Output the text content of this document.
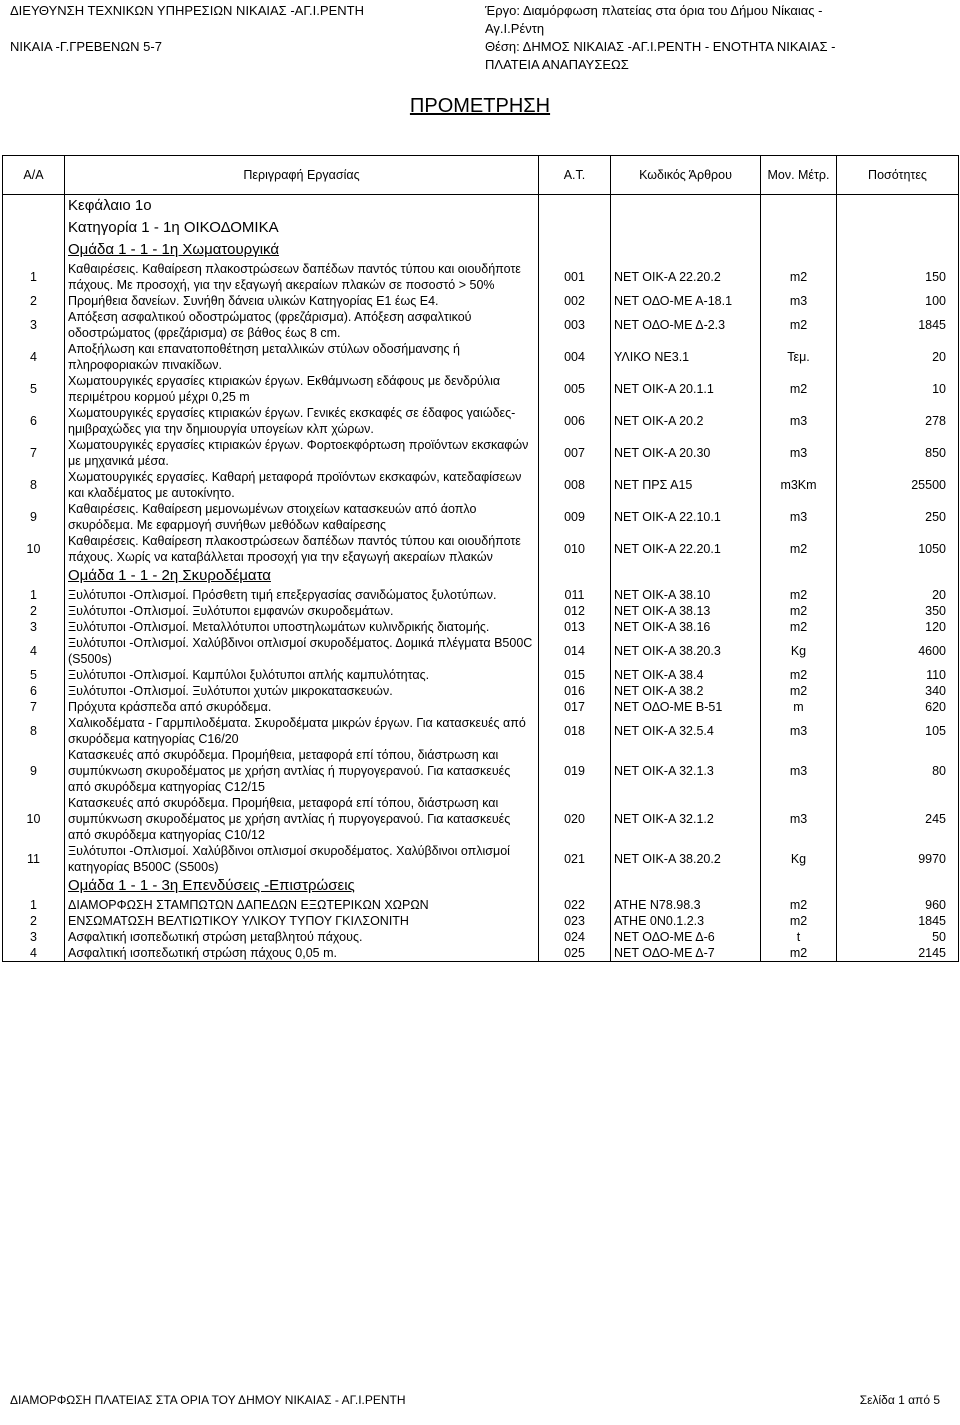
ΔΙΕΥΘΥΝΣΗ ΤΕΧΝΙΚΩΝ ΥΠΗΡΕΣΙΩΝ ΝΙΚΑΙΑΣ -ΑΓ.Ι.ΡΕΝΤΗ
ΝΙΚΑΙΑ -Γ.ΓΡΕΒΕΝΩΝ 5-7
Έργο: Διαμόρφωση πλατείας στα όρια του Δήμου Νίκαιας -
Αγ.Ι.Ρέντη
Θέση: ΔΗΜΟΣ ΝΙΚΑΙΑΣ -ΑΓ.Ι.ΡΕΝΤΗ - ΕΝΟΤΗΤΑ ΝΙΚΑΙΑΣ -
ΠΛΑΤΕΙΑ ΑΝΑΠΑΥΣΕΩΣ
ΠΡΟΜΕΤΡΗΣΗ
Α/Α	Περιγραφή Εργασίας	Α.Τ.	Κωδικός Άρθρου	Μον. Μέτρ.	Ποσότητες
	Κεφάλαιο 1ο				
	Κατηγορία 1 - 1η ΟΙΚΟΔΟΜΙΚΑ				
	Ομάδα 1 - 1 - 1η Χωματουργικά				
1	Καθαιρέσεις. Καθαίρεση πλακοστρώσεων δαπέδων παντός τύπου και οιουδήποτε πάχους. Με προσοχή, για την εξαγωγή ακεραίων πλακών σε ποσοστό > 50%	001	ΝΕΤ ΟΙΚ-Α 22.20.2	m2	150
2	Προμήθεια δανείων. Συνήθη δάνεια υλικών Κατηγορίας Ε1 έως Ε4.	002	ΝΕΤ ΟΔΟ-ΜΕ Α-18.1	m3	100
3	Απόξεση ασφαλτικού οδοστρώματος (φρεζάρισμα). Απόξεση ασφαλτικού οδοστρώματος (φρεζάρισμα) σε βάθος έως 8 cm.	003	ΝΕΤ ΟΔΟ-ΜΕ Δ-2.3	m2	1845
4	Αποξήλωση και επανατοποθέτηση μεταλλικών στύλων οδοσήμανσης ή πληροφοριακών πινακίδων.	004	ΥΛΙΚΟ ΝΕ3.1	Τεμ.	20
5	Χωματουργικές εργασίες κτιριακών έργων. Εκθάμνωση εδάφους με δενδρύλια περιμέτρου κορμού μέχρι 0,25 m	005	ΝΕΤ ΟΙΚ-Α 20.1.1	m2	10
6	Χωματουργικές εργασίες κτιριακών έργων. Γενικές εκσκαφές σε έδαφος γαιώδες-ημιβραχώδες για την δημιουργία υπογείων κλπ χώρων.	006	ΝΕΤ ΟΙΚ-Α 20.2	m3	278
7	Χωματουργικές εργασίες κτιριακών έργων. Φορτοεκφόρτωση προϊόντων εκσκαφών με μηχανικά μέσα.	007	ΝΕΤ ΟΙΚ-Α 20.30	m3	850
8	Χωματουργικές εργασίες. Καθαρή μεταφορά προϊόντων εκσκαφών, κατεδαφίσεων και κλαδέματος με αυτοκίνητο.	008	ΝΕΤ ΠΡΣ Α15	m3Km	25500
9	Καθαιρέσεις. Καθαίρεση μεμονωμένων στοιχείων κατασκευών από άοπλο σκυρόδεμα. Με εφαρμογή συνήθων μεθόδων καθαίρεσης	009	ΝΕΤ ΟΙΚ-Α 22.10.1	m3	250
10	Καθαιρέσεις. Καθαίρεση πλακοστρώσεων δαπέδων παντός τύπου και οιουδήποτε πάχους. Χωρίς να καταβάλλεται προσοχή για την εξαγωγή ακεραίων πλακών	010	ΝΕΤ ΟΙΚ-Α 22.20.1	m2	1050
	Ομάδα 1 - 1 - 2η Σκυροδέματα				
1	Ξυλότυποι -Οπλισμοί. Πρόσθετη τιμή επεξεργασίας σανιδώματος ξυλοτύπων.	011	ΝΕΤ ΟΙΚ-Α 38.10	m2	20
2	Ξυλότυποι -Οπλισμοί. Ξυλότυποι εμφανών σκυροδεμάτων.	012	ΝΕΤ ΟΙΚ-Α 38.13	m2	350
3	Ξυλότυποι -Οπλισμοί. Μεταλλότυποι υποστηλωμάτων κυλινδρικής διατομής.	013	ΝΕΤ ΟΙΚ-Α 38.16	m2	120
4	Ξυλότυποι -Οπλισμοί. Χαλύβδινοι οπλισμοί σκυροδέματος. Δομικά πλέγματα B500C (S500s)	014	ΝΕΤ ΟΙΚ-Α 38.20.3	Kg	4600
5	Ξυλότυποι -Οπλισμοί. Καμπύλοι ξυλότυποι απλής καμπυλότητας.	015	ΝΕΤ ΟΙΚ-Α 38.4	m2	110
6	Ξυλότυποι -Οπλισμοί. Ξυλότυποι χυτών μικροκατασκευών.	016	ΝΕΤ ΟΙΚ-Α 38.2	m2	340
7	Πρόχυτα κράσπεδα από σκυρόδεμα.	017	ΝΕΤ ΟΔΟ-ΜΕ Β-51	m	620
8	Χαλικοδέματα - Γαρμπιλοδέματα. Σκυροδέματα μικρών έργων. Για κατασκευές από σκυρόδεμα κατηγορίας C16/20	018	ΝΕΤ ΟΙΚ-Α 32.5.4	m3	105
9	Κατασκευές από σκυρόδεμα. Προμήθεια, μεταφορά επί τόπου, διάστρωση και συμπύκνωση σκυροδέματος με χρήση αντλίας ή πυργογερανού. Για κατασκευές από σκυρόδεμα κατηγορίας C12/15	019	ΝΕΤ ΟΙΚ-Α 32.1.3	m3	80
10	Κατασκευές από σκυρόδεμα. Προμήθεια, μεταφορά επί τόπου, διάστρωση και συμπύκνωση σκυροδέματος με χρήση αντλίας ή πυργογερανού. Για κατασκευές από σκυρόδεμα κατηγορίας C10/12	020	ΝΕΤ ΟΙΚ-Α 32.1.2	m3	245
11	Ξυλότυποι -Οπλισμοί. Χαλύβδινοι οπλισμοί σκυροδέματος. Χαλύβδινοι οπλισμοί κατηγορίας B500C (S500s)	021	ΝΕΤ ΟΙΚ-Α 38.20.2	Kg	9970
	Ομάδα 1 - 1 - 3η Επενδύσεις -Επιστρώσεις				
1	ΔΙΑΜΟΡΦΩΣΗ ΣΤΑΜΠΩΤΩΝ ΔΑΠΕΔΩΝ ΕΞΩΤΕΡΙΚΩΝ ΧΩΡΩΝ	022	ΑΤΗΕ Ν78.98.3	m2	960
2	ΕΝΣΩΜΑΤΩΣΗ ΒΕΛΤΙΩΤΙΚΟΥ ΥΛΙΚΟΥ ΤΥΠΟΥ ΓΚΙΛΣΟΝΙΤΗ	023	ΑΤΗΕ 0Ν0.1.2.3	m2	1845
3	Ασφαλτική ισοπεδωτική στρώση μεταβλητού πάχους.	024	ΝΕΤ ΟΔΟ-ΜΕ Δ-6	t	50
4	Ασφαλτική ισοπεδωτική στρώση πάχους 0,05 m.	025	ΝΕΤ ΟΔΟ-ΜΕ Δ-7	m2	2145
ΔΙΑΜΟΡΦΩΣΗ ΠΛΑΤΕΙΑΣ ΣΤΑ ΟΡΙΑ ΤΟΥ ΔΗΜΟΥ ΝΙΚΑΙΑΣ - ΑΓ.Ι.ΡΕΝΤΗ	Σελίδα 1 από 5
